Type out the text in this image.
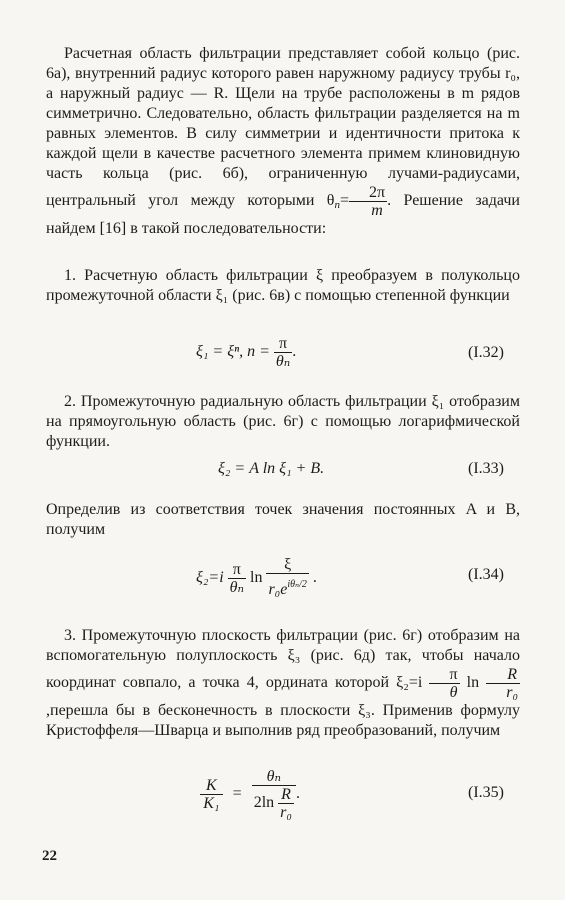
Расчетная область фильтрации представляет собой кольцо (рис. 6а), внутренний радиус которого равен наружному радиусу трубы r₀, а наружный радиус — R. Щели на трубе расположены в m рядов симметрично. Следовательно, область фильтрации разделяется на m равных элементов. В силу симметрии и идентичности притока к каждой щели в качестве расчетного элемента примем клиновидную часть кольца (рис. 6б), ограниченную лучами-радиусами, центральный угол между которыми $\theta_n= \frac{2\pi}{m}$ . Решение задачи найдем [16] в такой последовательности:

1. Расчетную область фильтрации ξ преобразуем в полукольцо промежуточной области ξ₁ (рис. 6в) с помощью степенной функции

ξ₁ = ξⁿ, $n = \frac{\pi}{\text{θₙ}}$ .	(I.32)

2. Промежуточную радиальную область фильтрации ξ₁ отобразим на прямоугольную область (рис. 6г) с помощью логарифмической функции.

ξ₂ = A ln ξ₁ + B.	(I.33)

Определив из соответствия точек значения постоянных A и B, получим

$\xi_2=i \frac{\pi}{\text{θₙ}}$ $\ln \frac{\xi}{r_0e^{i\theta_n/2}}$ .	(I.34)

3. Промежуточную плоскость фильтрации (рис. 6г) отобразим на вспомогательную полуплоскость ξ₃ (рис. 6д) так, чтобы начало координат совпало, а точка 4, ордината которой $\xi_2=i \frac{\pi}{\theta}$ $\ln \frac{R}{\text{r₀}}$
,перешла бы в бесконечность в плоскости ξ₃. Применив формулу Кристоффеля—Шварца и выполнив ряд преобразований, получим

$\frac{K}{\text{K₁}} = \frac{\text{θₙ}}{2\ln \frac{R}{\text{r₀}}}$ .	(I.35)
22
